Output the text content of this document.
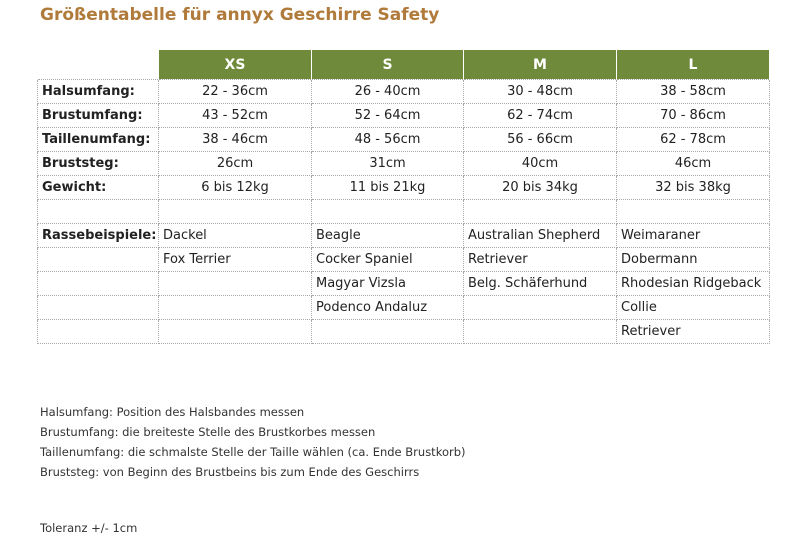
Größentabelle für annyx Geschirre Safety
	XS	S	M	L
Halsumfang:	22 - 36cm	26 - 40cm	30 - 48cm	38 - 58cm
Brustumfang:	43 - 52cm	52 - 64cm	62 - 74cm	70 - 86cm
Taillenumfang:	38 - 46cm	48 - 56cm	56 - 66cm	62 - 78cm
Bruststeg:	26cm	31cm	40cm	46cm
Gewicht:	6 bis 12kg	11 bis 21kg	20 bis 34kg	32 bis 38kg

Rassebeispiele:	Dackel	Beagle	Australian Shepherd	Weimaraner
	Fox Terrier	Cocker Spaniel	Retriever	Dobermann
		Magyar Vizsla	Belg. Schäferhund	Rhodesian Ridgeback
		Podenco Andaluz		Collie
				Retriever
Halsumfang: Position des Halsbandes messen
Brustumfang: die breiteste Stelle des Brustkorbes messen
Taillenumfang: die schmalste Stelle der Taille wählen (ca. Ende Brustkorb)
Bruststeg: von Beginn des Brustbeins bis zum Ende des Geschirrs
Toleranz +/- 1cm
